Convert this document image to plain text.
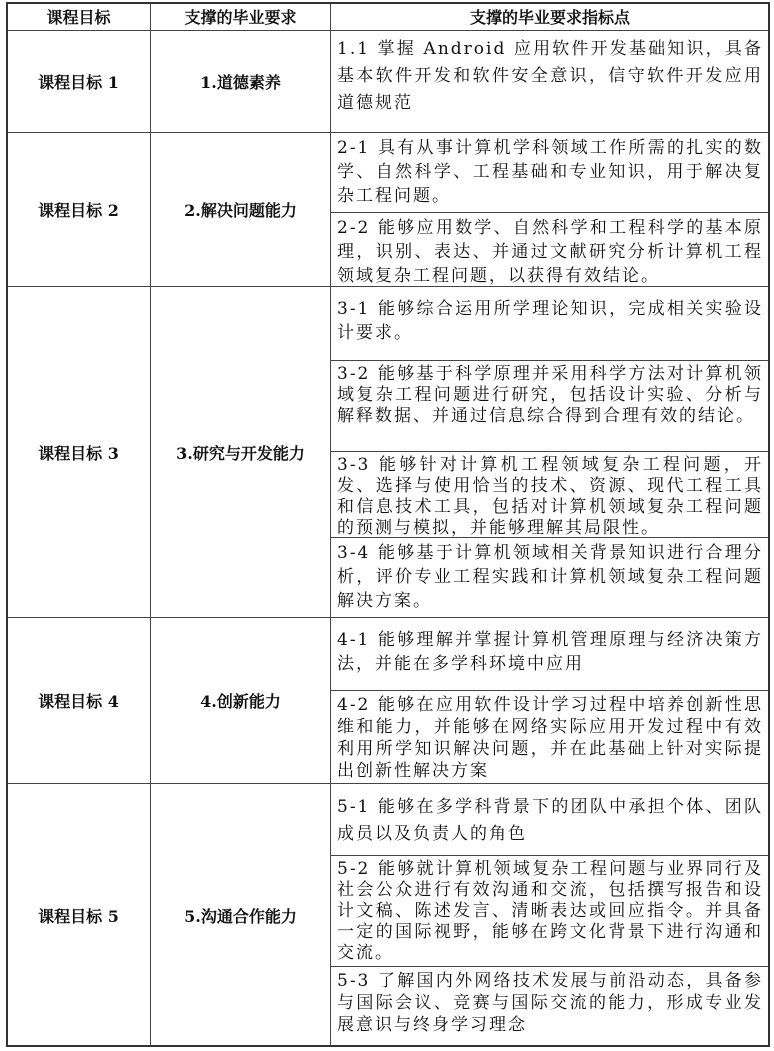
课程目标	支撑的毕业要求	支撑的毕业要求指标点
课程目标 1	1.道德素养
1.1 掌握 Android 应用软件开发基础知识，具备基本软件开发和软件安全意识，信守软件开发应用道德规范
课程目标 2	2.解决问题能力
2-1 具有从事计算机学科领域工作所需的扎实的数学、自然科学、工程基础和专业知识，用于解决复杂工程问题。
2-2 能够应用数学、自然科学和工程科学的基本原理，识别、表达、并通过文献研究分析计算机工程领域复杂工程问题，以获得有效结论。
课程目标 3	3.研究与开发能力
3-1 能够综合运用所学理论知识，完成相关实验设计要求。
3-2 能够基于科学原理并采用科学方法对计算机领域复杂工程问题进行研究，包括设计实验、分析与解释数据、并通过信息综合得到合理有效的结论。
3-3 能够针对计算机工程领域复杂工程问题，开发、选择与使用恰当的技术、资源、现代工程工具和信息技术工具，包括对计算机领域复杂工程问题的预测与模拟，并能够理解其局限性。
3-4 能够基于计算机领域相关背景知识进行合理分析，评价专业工程实践和计算机领域复杂工程问题解决方案。
课程目标 4	4.创新能力
4-1 能够理解并掌握计算机管理原理与经济决策方法，并能在多学科环境中应用
4-2 能够在应用软件设计学习过程中培养创新性思维和能力，并能够在网络实际应用开发过程中有效利用所学知识解决问题，并在此基础上针对实际提出创新性解决方案
课程目标 5	5.沟通合作能力
5-1 能够在多学科背景下的团队中承担个体、团队成员以及负责人的角色
5-2 能够就计算机领域复杂工程问题与业界同行及社会公众进行有效沟通和交流，包括撰写报告和设计文稿、陈述发言、清晰表达或回应指令。并具备一定的国际视野，能够在跨文化背景下进行沟通和交流。
5-3 了解国内外网络技术发展与前沿动态，具备参与国际会议、竞赛与国际交流的能力，形成专业发展意识与终身学习理念
